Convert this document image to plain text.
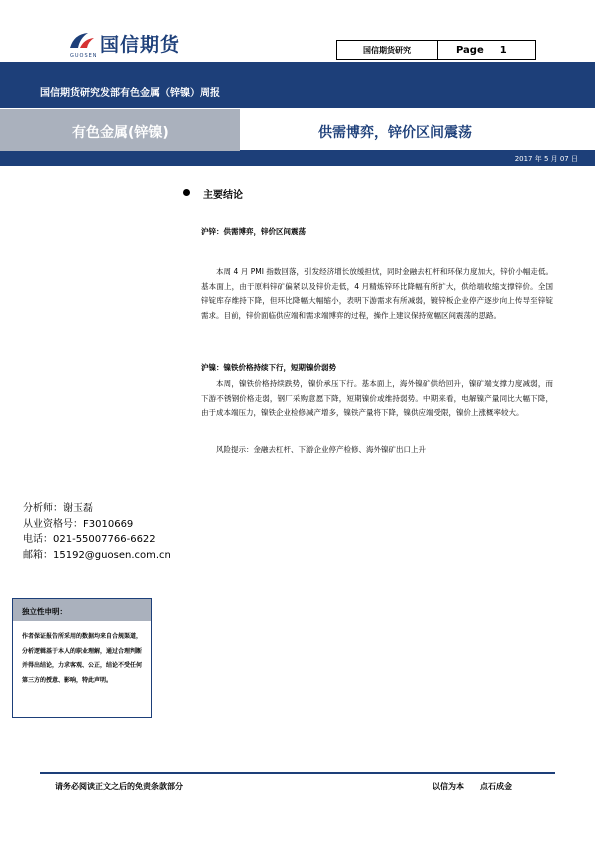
国信期货
GUOSEN
国信期货研究	Page 1
国信期货研究发部有色金属（锌镍）周报
有色金属(锌镍)	供需博弈，锌价区间震荡
2017 年 5 月 07 日
主要结论
沪锌：供需博弈，锌价区间震荡
本周 4 月 PMI 指数回落，引发经济增长放缓担忧，同时金融去杠杆和环保力度加大，锌价小幅走低。基本面上，由于原料锌矿偏紧以及锌价走低，4 月精炼锌环比降幅有所扩大，供给端收缩支撑锌价。全国锌锭库存维持下降，但环比降幅大幅缩小，表明下游需求有所减弱，镀锌板企业停产逐步向上传导至锌锭需求。目前，锌价面临供应端和需求端博弈的过程，操作上建议保持宽幅区间震荡的思路。
沪镍：镍铁价格持续下行，短期镍价弱势
本周，镍铁价格持续跌势，镍价承压下行。基本面上，海外镍矿供给回升，镍矿端支撑力度减弱，而下游不锈钢价格走弱，钢厂采购意愿下降，短期镍价或维持弱势。中期来看，电解镍产量同比大幅下降，由于成本端压力，镍铁企业检修减产增多，镍铁产量将下降，镍供应端受限，镍价上涨概率较大。
风险提示：金融去杠杆、下游企业停产检修、海外镍矿出口上升
分析师：谢玉磊
从业资格号：F3010669
电话：021-55007766-6622
邮箱：15192@guosen.com.cn
独立性申明：
作者保证报告所采用的数据均来自合规渠道，分析逻辑基于本人的职业理解，通过合理判断并得出结论，力求客观、公正，结论不受任何第三方的授意、影响，特此声明。
请务必阅读正文之后的免责条款部分	以信为本　　点石成金
